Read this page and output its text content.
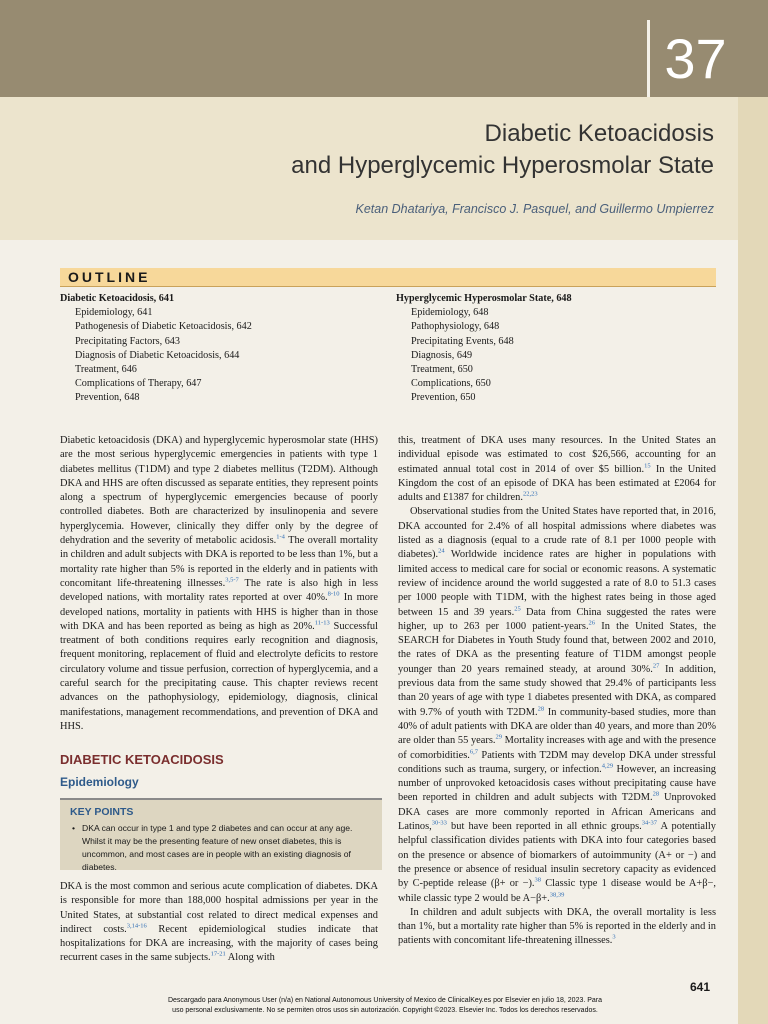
37
Diabetic Ketoacidosis
and Hyperglycemic Hyperosmolar State
Ketan Dhatariya, Francisco J. Pasquel, and Guillermo Umpierrez
OUTLINE
Diabetic Ketoacidosis, 641
Epidemiology, 641
Pathogenesis of Diabetic Ketoacidosis, 642
Precipitating Factors, 643
Diagnosis of Diabetic Ketoacidosis, 644
Treatment, 646
Complications of Therapy, 647
Prevention, 648
Hyperglycemic Hyperosmolar State, 648
Epidemiology, 648
Pathophysiology, 648
Precipitating Events, 648
Diagnosis, 649
Treatment, 650
Complications, 650
Prevention, 650

Diabetic ketoacidosis (DKA) and hyperglycemic hyperosmolar state (HHS) are the most serious hyperglycemic emergencies in patients with type 1 diabetes mellitus (T1DM) and type 2 diabetes mellitus (T2DM). Although DKA and HHS are often discussed as separate entities, they represent points along a spectrum of hyperglycemic emergencies because of poorly controlled diabetes. Both are characterized by insulinopenia and severe hyperglycemia. However, clinically they differ only by the degree of dehydration and the severity of metabolic acidosis.$^{1-4}$ The overall mortality in children and adult subjects with DKA is reported to be less than 1%, but a mortality rate higher than 5% is reported in the elderly and in patients with concomitant life-threatening illnesses.$^{3,5-7}$ The rate is also high in less developed nations, with mortality rates reported at over 40%.$^{8-10}$ In more developed nations, mortality in patients with HHS is higher than in those with DKA and has been reported as being as high as 20%.$^{11-13}$ Successful treatment of both conditions requires early recognition and diagnosis, frequent monitoring, replacement of fluid and electrolyte deficits to restore circulatory volume and tissue perfusion, correction of hyperglycemia, and a careful search for the precipitating cause. This chapter reviews recent advances on the pathophysiology, epidemiology, diagnosis, clinical manifestations, management recommendations, and prevention of DKA and HHS.

DIABETIC KETOACIDOSIS
Epidemiology
KEY POINTS
• DKA can occur in type 1 and type 2 diabetes and can occur at any age. Whilst it may be the presenting feature of new onset diabetes, this is uncommon, and most cases are in people with an existing diagnosis of diabetes.

DKA is the most common and serious acute complication of diabetes. DKA is responsible for more than 188,000 hospital admissions per year in the United States, at substantial cost related to direct medical expenses and indirect costs.$^{3,14-16}$ Recent epidemiological studies indicate that hospitalizations for DKA are increasing, with the majority of cases being recurrent cases in the same subjects.$^{17-21}$ Along with

this, treatment of DKA uses many resources. In the United States an individual episode was estimated to cost $26,566, accounting for an estimated annual total cost in 2014 of over $5 billion.$^{15}$ In the United Kingdom the cost of an episode of DKA has been estimated at £2064 for adults and £1387 for children.$^{22,23}$

Observational studies from the United States have reported that, in 2016, DKA accounted for 2.4% of all hospital admissions where diabetes was listed as a diagnosis (equal to a crude rate of 8.1 per 1000 people with diabetes).$^{24}$ Worldwide incidence rates are higher in populations with limited access to medical care for social or economic reasons. A systematic review of incidence around the world suggested a rate of 8.0 to 51.3 cases per 1000 people with T1DM, with the highest rates being in those aged between 15 and 39 years.$^{25}$ Data from China suggested the rates were higher, up to 263 per 1000 patient-years.$^{26}$ In the United States, the SEARCH for Diabetes in Youth Study found that, between 2002 and 2010, the rates of DKA as the presenting feature of T1DM amongst people younger than 20 years remained steady, at around 30%.$^{27}$ In addition, previous data from the same study showed that 29.4% of participants less than 20 years of age with type 1 diabetes presented with DKA, as compared with 9.7% of youth with T2DM.$^{28}$ In community-based studies, more than 40% of adult patients with DKA are older than 40 years, and more than 20% are older than 55 years.$^{29}$ Mortality increases with age and with the presence of comorbidities.$^{6,7}$ Patients with T2DM may develop DKA under stressful conditions such as trauma, surgery, or infection.$^{4,29}$ However, an increasing number of unprovoked ketoacidosis cases without precipitating cause have been reported in children and adult subjects with T2DM.$^{28}$ Unprovoked DKA cases are more commonly reported in African Americans and Latinos,$^{30-33}$ but have been reported in all ethnic groups.$^{34-37}$ A potentially helpful classification divides patients with DKA into four categories based on the presence or absence of biomarkers of autoimmunity (A+ or −) and the presence or absence of residual insulin secretory capacity as evidenced by C-peptide release (β+ or −).$^{38}$ Classic type 1 disease would be A+β−, while classic type 2 would be A−β+.$^{38,39}$

In children and adult subjects with DKA, the overall mortality is less than 1%, but a mortality rate higher than 5% is reported in the elderly and in patients with concomitant life-threatening illnesses.$^3$

641
Descargado para Anonymous User (n/a) en National Autonomous University of Mexico de ClinicalKey.es por Elsevier en julio 18, 2023. Para
uso personal exclusivamente. No se permiten otros usos sin autorización. Copyright ©2023. Elsevier Inc. Todos los derechos reservados.
